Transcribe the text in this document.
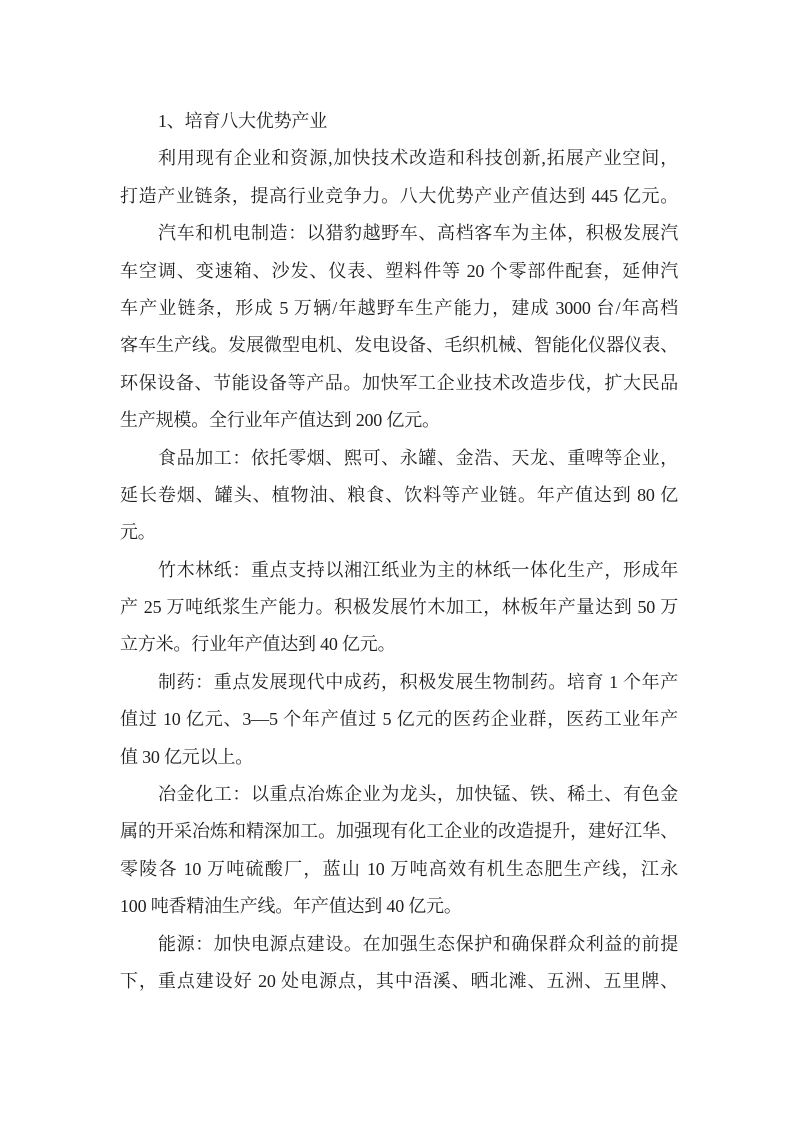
1、培育八大优势产业
利用现有企业和资源,加快技术改造和科技创新,拓展产业空间，
打造产业链条，提高行业竞争力。八大优势产业产值达到 445 亿元。
汽车和机电制造：以猎豹越野车、高档客车为主体，积极发展汽
车空调、变速箱、沙发、仪表、塑料件等 20 个零部件配套，延伸汽
车产业链条，形成 5 万辆/年越野车生产能力，建成 3000 台/年高档
客车生产线。发展微型电机、发电设备、毛织机械、智能化仪器仪表、
环保设备、节能设备等产品。加快军工企业技术改造步伐，扩大民品
生产规模。全行业年产值达到 200 亿元。
食品加工：依托零烟、熙可、永罐、金浩、天龙、重啤等企业，
延长卷烟、罐头、植物油、粮食、饮料等产业链。年产值达到 80 亿
元。
竹木林纸：重点支持以湘江纸业为主的林纸一体化生产，形成年
产 25 万吨纸浆生产能力。积极发展竹木加工，林板年产量达到 50 万
立方米。行业年产值达到 40 亿元。
制药：重点发展现代中成药，积极发展生物制药。培育 1 个年产
值过 10 亿元、3—5 个年产值过 5 亿元的医药企业群，医药工业年产
值 30 亿元以上。
冶金化工：以重点冶炼企业为龙头，加快锰、铁、稀土、有色金
属的开采冶炼和精深加工。加强现有化工企业的改造提升，建好江华、
零陵各 10 万吨硫酸厂，蓝山 10 万吨高效有机生态肥生产线，江永
100 吨香精油生产线。年产值达到 40 亿元。
能源：加快电源点建设。在加强生态保护和确保群众利益的前提
下，重点建设好 20 处电源点，其中浯溪、晒北滩、五洲、五里牌、
